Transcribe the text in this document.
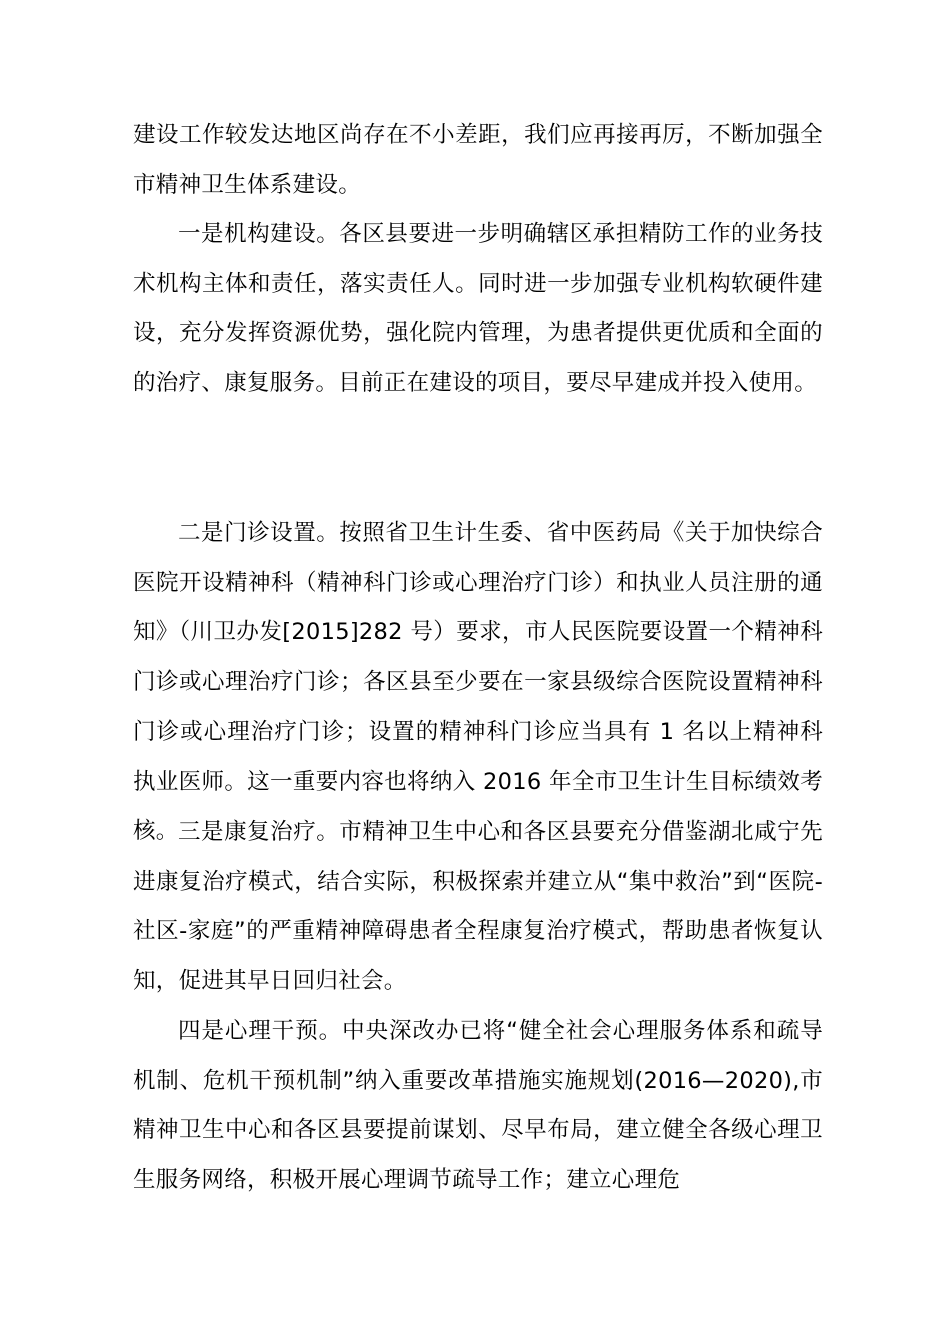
建设工作较发达地区尚存在不小差距，我们应再接再厉，不断加强全市精神卫生体系建设。

一是机构建设。各区县要进一步明确辖区承担精防工作的业务技术机构主体和责任，落实责任人。同时进一步加强专业机构软硬件建设，充分发挥资源优势，强化院内管理，为患者提供更优质和全面的的治疗、康复服务。目前正在建设的项目，要尽早建成并投入使用。

二是门诊设置。按照省卫生计生委、省中医药局《关于加快综合医院开设精神科（精神科门诊或心理治疗门诊）和执业人员注册的通知》（川卫办发[2015]282 号）要求，市人民医院要设置一个精神科门诊或心理治疗门诊；各区县至少要在一家县级综合医院设置精神科门诊或心理治疗门诊；设置的精神科门诊应当具有 1 名以上精神科执业医师。这一重要内容也将纳入 2016 年全市卫生计生目标绩效考核。 三是康复治疗。市精神卫生中心和各区县要充分借鉴湖北咸宁先进康复治疗模式，结合实际，积极探索并建立从“集中救治”到“医院-社区-家庭”的严重精神障碍患者全程康复治疗模式，帮助患者恢复认知，促进其早日回归社会。

四是心理干预。中央深改办已将“健全社会心理服务体系和疏导机制、危机干预机制”纳入重要改革措施实施规划(2016—2020),市精神卫生中心和各区县要提前谋划、尽早布局，建立健全各级心理卫生服务网络，积极开展心理调节疏导工作；建立心理危
